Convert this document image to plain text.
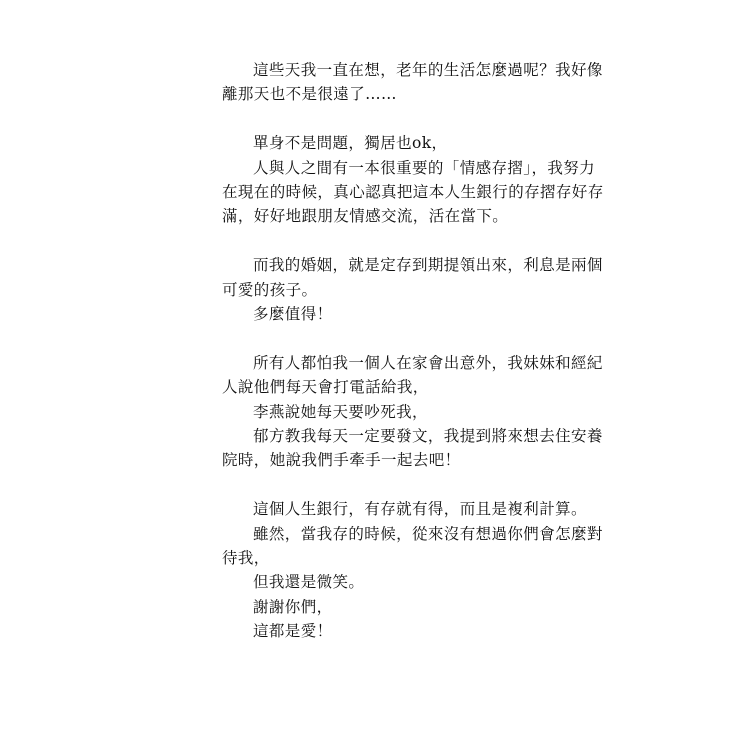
這些天我一直在想，老年的生活怎麼過呢？我好像離那天也不是很遠了……

單身不是問題，獨居也ok，

人與人之間有一本很重要的「情感存摺」，我努力在現在的時候，真心認真把這本人生銀行的存摺存好存滿，好好地跟朋友情感交流，活在當下。

而我的婚姻，就是定存到期提領出來，利息是兩個可愛的孩子。

多麼值得！

所有人都怕我一個人在家會出意外，我妹妹和經紀人說他們每天會打電話給我，

李燕說她每天要吵死我，

郁方教我每天一定要發文，我提到將來想去住安養院時，她說我們手牽手一起去吧！

這個人生銀行，有存就有得，而且是複利計算。

雖然，當我存的時候，從來沒有想過你們會怎麼對待我，

但我還是微笑。

謝謝你們，

這都是愛！
